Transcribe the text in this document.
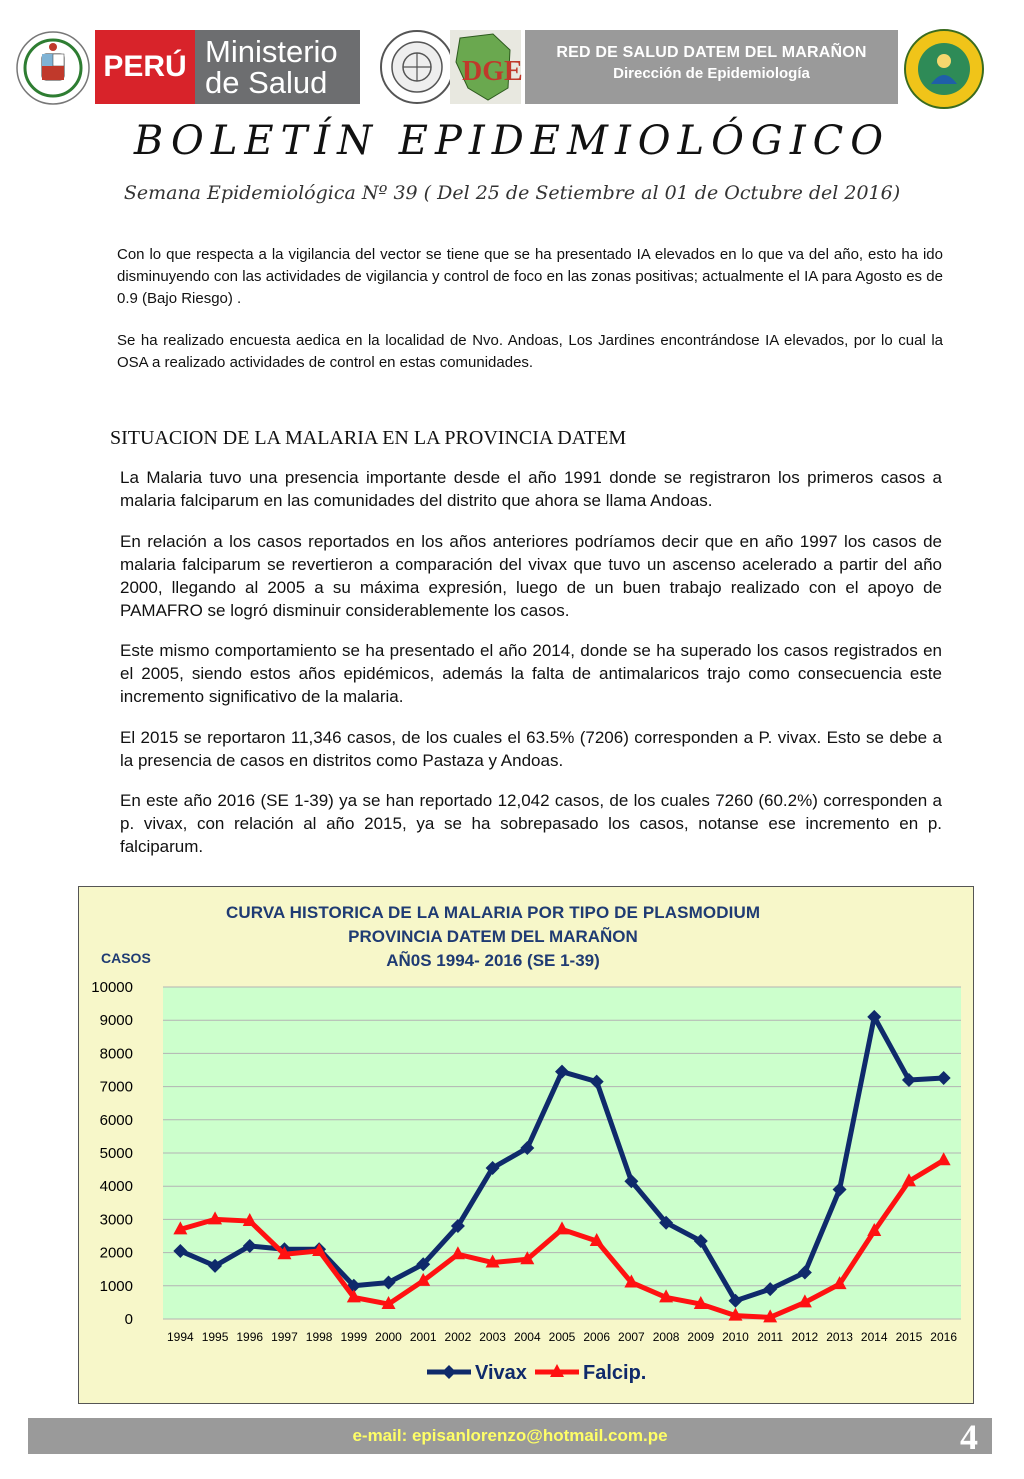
PERÚ Ministerio
de Salud	DGE
RED DE SALUD DATEM DEL MARAÑON
Dirección de Epidemiología
BOLETÍN EPIDEMIOLÓGICO
Semana Epidemiológica Nº 39 ( Del 25 de Setiembre al 01 de Octubre del 2016)
Con lo que respecta a la vigilancia del vector se tiene que se ha presentado IA elevados en lo que va del año, esto ha ido disminuyendo con las actividades de vigilancia y control de foco en las zonas positivas; actualmente el IA para Agosto es de 0.9 (Bajo Riesgo) .
Se ha realizado encuesta aedica en la localidad de Nvo. Andoas, Los Jardines encontrándose IA elevados, por lo cual la OSA a realizado actividades de control en estas comunidades.
SITUACION DE LA MALARIA EN LA PROVINCIA DATEM
La Malaria tuvo una presencia importante desde el año 1991 donde se registraron los primeros casos a malaria falciparum en las comunidades del distrito que ahora se llama Andoas.
En relación a los casos reportados en los años anteriores podríamos decir que en año 1997 los casos de malaria falciparum se revertieron a comparación del vivax que tuvo un ascenso acelerado a partir del año 2000, llegando al 2005 a su máxima expresión, luego de un buen trabajo realizado con el apoyo de PAMAFRO se logró disminuir considerablemente los casos.
Este mismo comportamiento se ha presentado el año 2014, donde se ha superado los casos registrados en el 2005, siendo estos años epidémicos, además la falta de antimalaricos trajo como consecuencia este incremento significativo de la malaria.
El 2015 se reportaron 11,346 casos, de los cuales el 63.5% (7206) corresponden a P. vivax. Esto se debe a la presencia de casos en distritos como Pastaza y Andoas.
En este año 2016 (SE 1-39) ya se han reportado 12,042 casos, de los cuales 7260 (60.2%) corresponden a p. vivax, con relación al año 2015, ya se ha sobrepasado los casos, notanse ese incremento en p. falciparum.
0
1000
2000
3000
4000
5000
6000
7000
8000
9000
10000
1994 1995 1996 1997 1998 1999 2000 2001 2002 2003 2004 2005 2006 2007 2008 2009 2010 2011 2012 2013 2014 2015 2016
CURVA HISTORICA DE LA MALARIA POR TIPO DE PLASMODIUM
PROVINCIA DATEM DEL MARAÑON
AÑ0S 1994- 2016 (SE 1-39)
CASOS
Vivax	Falcip.
e-mail: episanlorenzo@hotmail.com.pe	4
